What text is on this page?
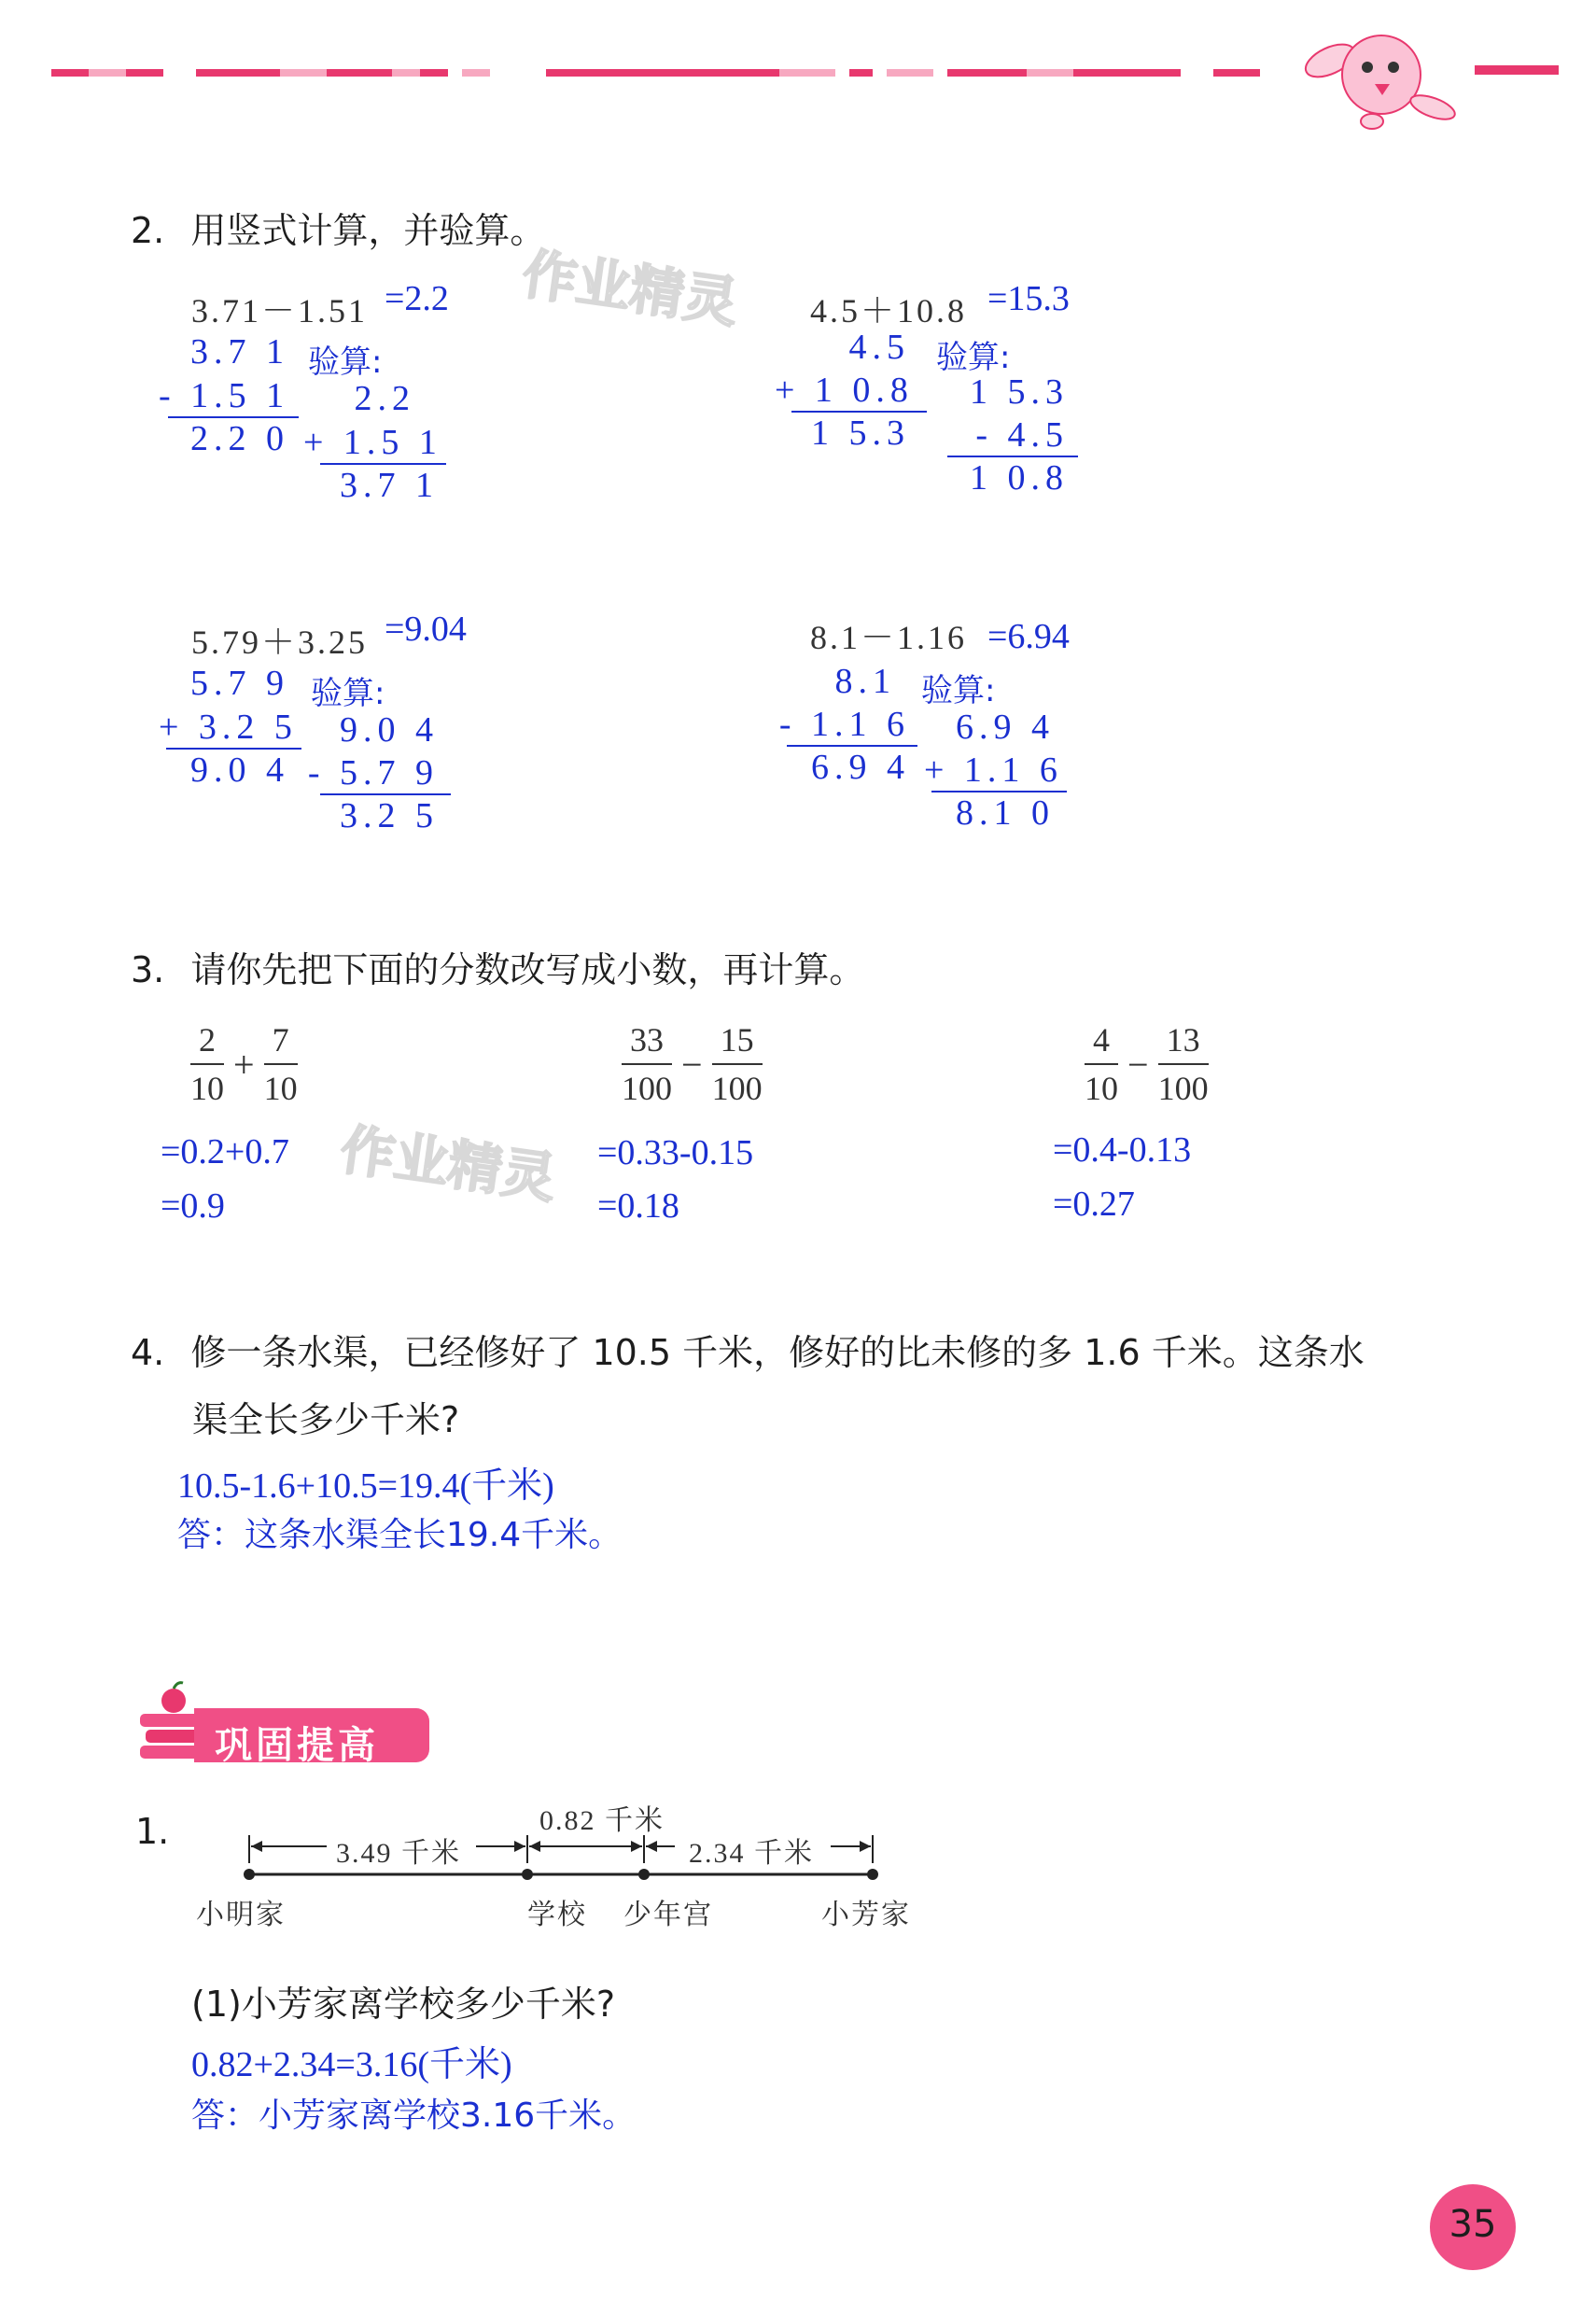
作业精灵
作业精灵
2. 用竖式计算，并验算。
3.71－1.51 =2.2
3.7 1
- 1.5 1
2.2 0
验算:
2.2
+ 1.5 1
3.7 1
4.5＋10.8 =15.3
4.5
+ 1 0.8
1 5.3
验算:
1 5.3
- 4.5
1 0.8
5.79＋3.25 =9.04
5.7 9
+ 3.2 5
9.0 4
验算:
9.0 4
- 5.7 9
3.2 5
8.1－1.16 =6.94
8.1
- 1.1 6
6.9 4
验算:
6.9 4
+ 1.1 6
8.1 0
3. 请你先把下面的分数改写成小数，再计算。
2
10
+
7
10
=0.2+0.7
=0.9
33
100
−
15
100
=0.33-0.15
=0.18
4
10
−
13
100
=0.4-0.13
=0.27
4. 修一条水渠，已经修好了 10.5 千米，修好的比未修的多 1.6 千米。这条水
渠全长多少千米?
10.5-1.6+10.5=19.4(千米)
答：这条水渠全长19.4千米。
巩固提高
1.
3.49 千米
0.82 千米
2.34 千米
小明家	学校 少年宫	小芳家
(1)小芳家离学校多少千米?
0.82+2.34=3.16(千米)
答：小芳家离学校3.16千米。
35
